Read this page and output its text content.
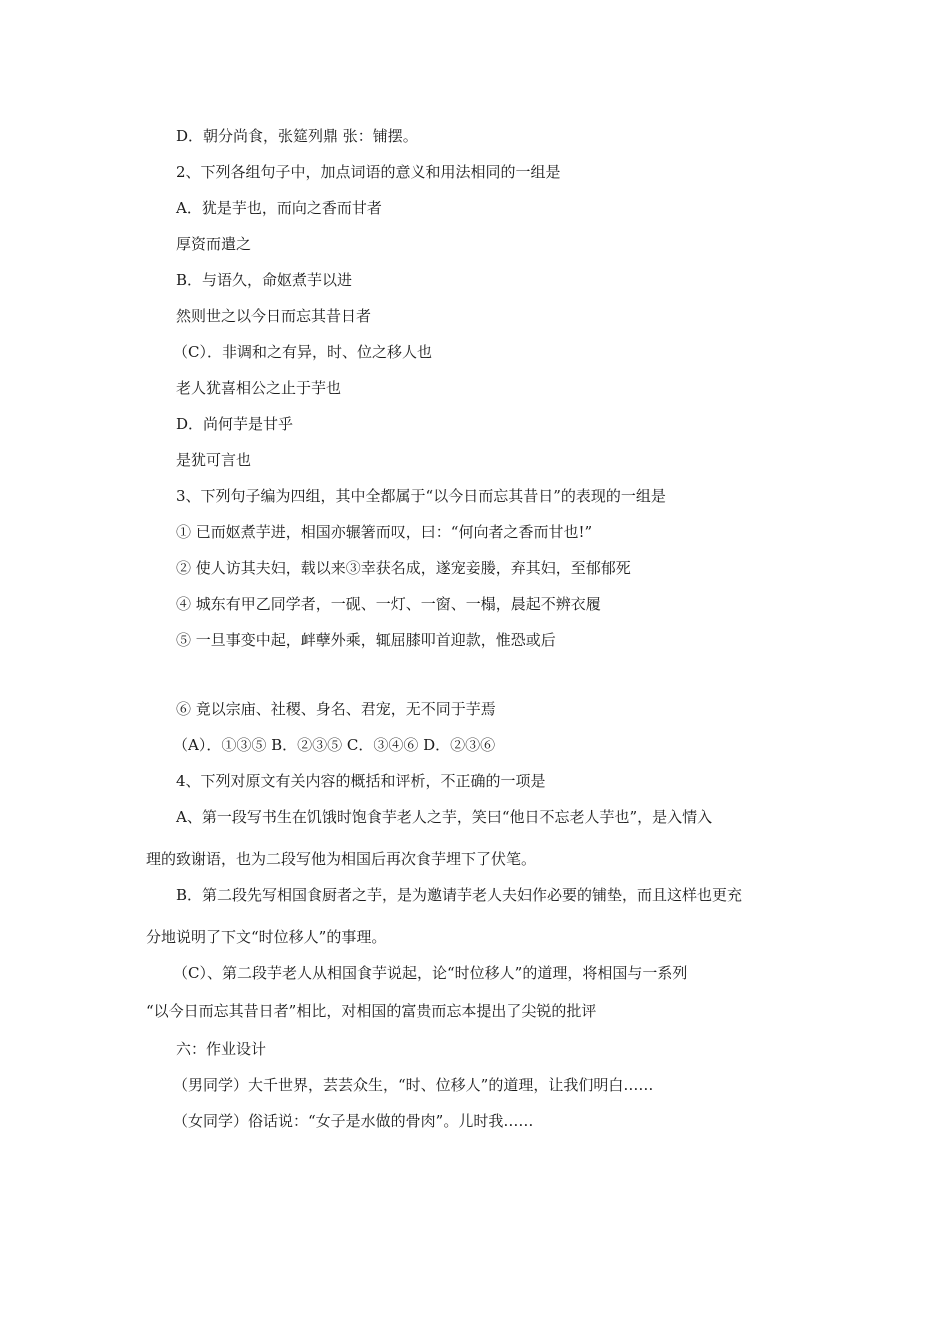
D．朝分尚食，张筵列鼎 张：铺摆。
2、下列各组句子中，加点词语的意义和用法相同的一组是
A．犹是芋也，而向之香而甘者
厚资而遣之
B．与语久，命妪煮芋以进
然则世之以今日而忘其昔日者
（C）．非调和之有异，时、位之移人也
老人犹喜相公之止于芋也
D．尚何芋是甘乎
是犹可言也
3、下列句子编为四组，其中全都属于“以今日而忘其昔日”的表现的一组是
① 已而妪煮芋进，相国亦辗箸而叹，曰：“何向者之香而甘也!”
② 使人访其夫妇，载以来③幸获名成，遂宠妾媵，弃其妇，至郁郁死
④ 城东有甲乙同学者，一砚、一灯、一窗、一榻，晨起不辨衣履
⑤ 一旦事变中起，衅孽外乘，辄屈膝叩首迎款，惟恐或后
⑥ 竟以宗庙、社稷、身名、君宠，无不同于芋焉
（A）．①③⑤ B．②③⑤ C．③④⑥ D．②③⑥
4、下列对原文有关内容的概括和评析，不正确的一项是
A、第一段写书生在饥饿时饱食芋老人之芋，笑曰“他日不忘老人芋也”，是入情入
理的致谢语，也为二段写他为相国后再次食芋埋下了伏笔。
B．第二段先写相国食厨者之芋，是为邀请芋老人夫妇作必要的铺垫，而且这样也更充
分地说明了下文“时位移人”的事理。
（C）、第二段芋老人从相国食芋说起，论“时位移人”的道理，将相国与一系列
“以今日而忘其昔日者”相比，对相国的富贵而忘本提出了尖锐的批评
六：作业设计
（男同学）大千世界，芸芸众生，“时、位移人”的道理，让我们明白……
（女同学）俗话说：“女子是水做的骨肉”。儿时我……
